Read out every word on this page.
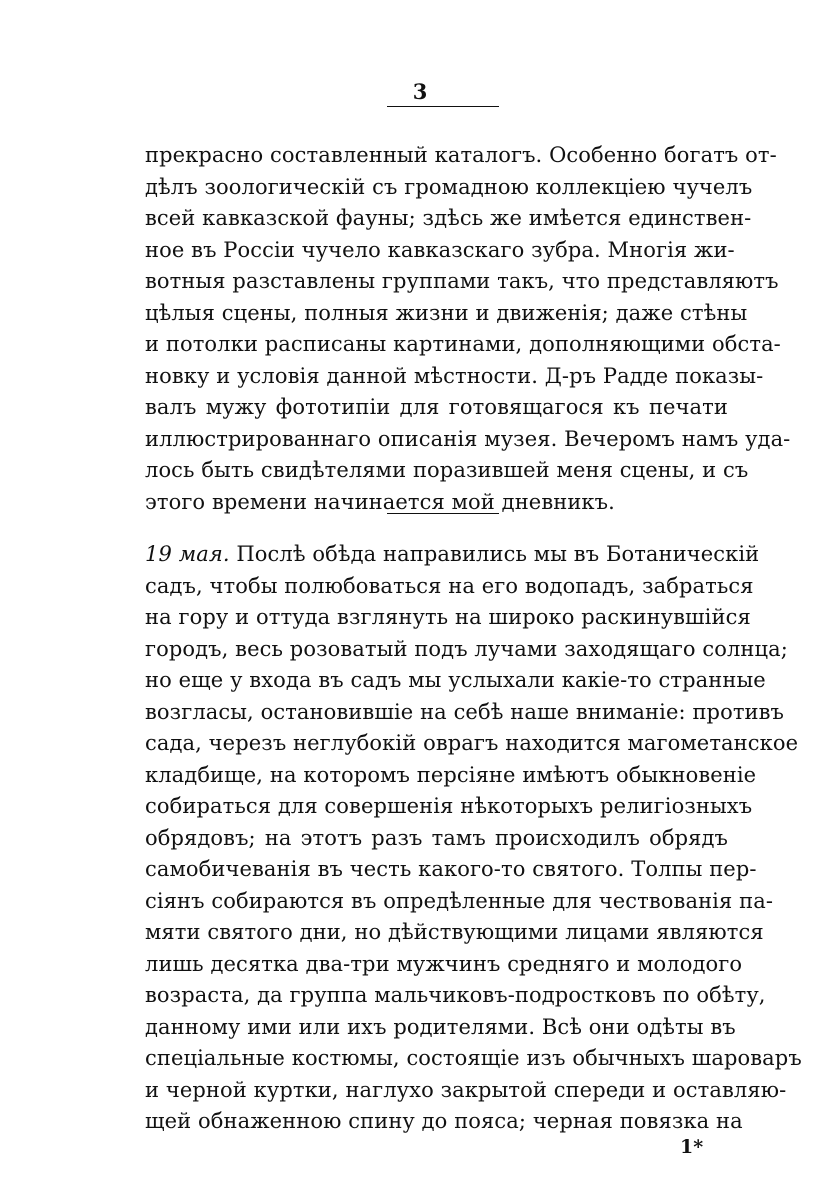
3
прекрасно составленный каталогъ. Особенно богатъ от-
дѣлъ зоологическій съ громадною коллекціею чучелъ
всей кавказской фауны; здѣсь же имѣется единствен-
ное въ Россіи чучело кавказскаго зубра. Многія жи-
вотныя разставлены группами такъ, что представляютъ
цѣлыя сцены, полныя жизни и движенія; даже стѣны
и потолки расписаны картинами, дополняющими обста-
новку и условія данной мѣстности. Д-ръ Радде показы-
валъ мужу фототипіи для готовящагося къ печати
иллюстрированнаго описанія музея. Вечеромъ намъ уда-
лось быть свидѣтелями поразившей меня сцены, и съ
этого времени начинается мой дневникъ.
19 мая. Послѣ обѣда направились мы въ Ботаническій
садъ, чтобы полюбоваться на его водопадъ, забраться
на гору и оттуда взглянуть на широко раскинувшійся
городъ, весь розоватый подъ лучами заходящаго солнца;
но еще у входа въ садъ мы услыхали какіе-то странные
возгласы, остановившіе на себѣ наше вниманіе: противъ
сада, черезъ неглубокій оврагъ находится магометанское
кладбище, на которомъ персіяне имѣютъ обыкновеніе
собираться для совершенія нѣкоторыхъ религіозныхъ
обрядовъ; на этотъ разъ тамъ происходилъ обрядъ
самобичеванія въ честь какого-то святого. Толпы пер-
сіянъ собираются въ опредѣленные для чествованія па-
мяти святого дни, но дѣйствующими лицами являются
лишь десятка два-три мужчинъ средняго и молодого
возраста, да группа мальчиковъ-подростковъ по обѣту,
данному ими или ихъ родителями. Всѣ они одѣты въ
спеціальные костюмы, состоящіе изъ обычныхъ шароваръ
и черной куртки, наглухо закрытой спереди и оставляю-
щей обнаженною спину до пояса; черная повязка на
1*
